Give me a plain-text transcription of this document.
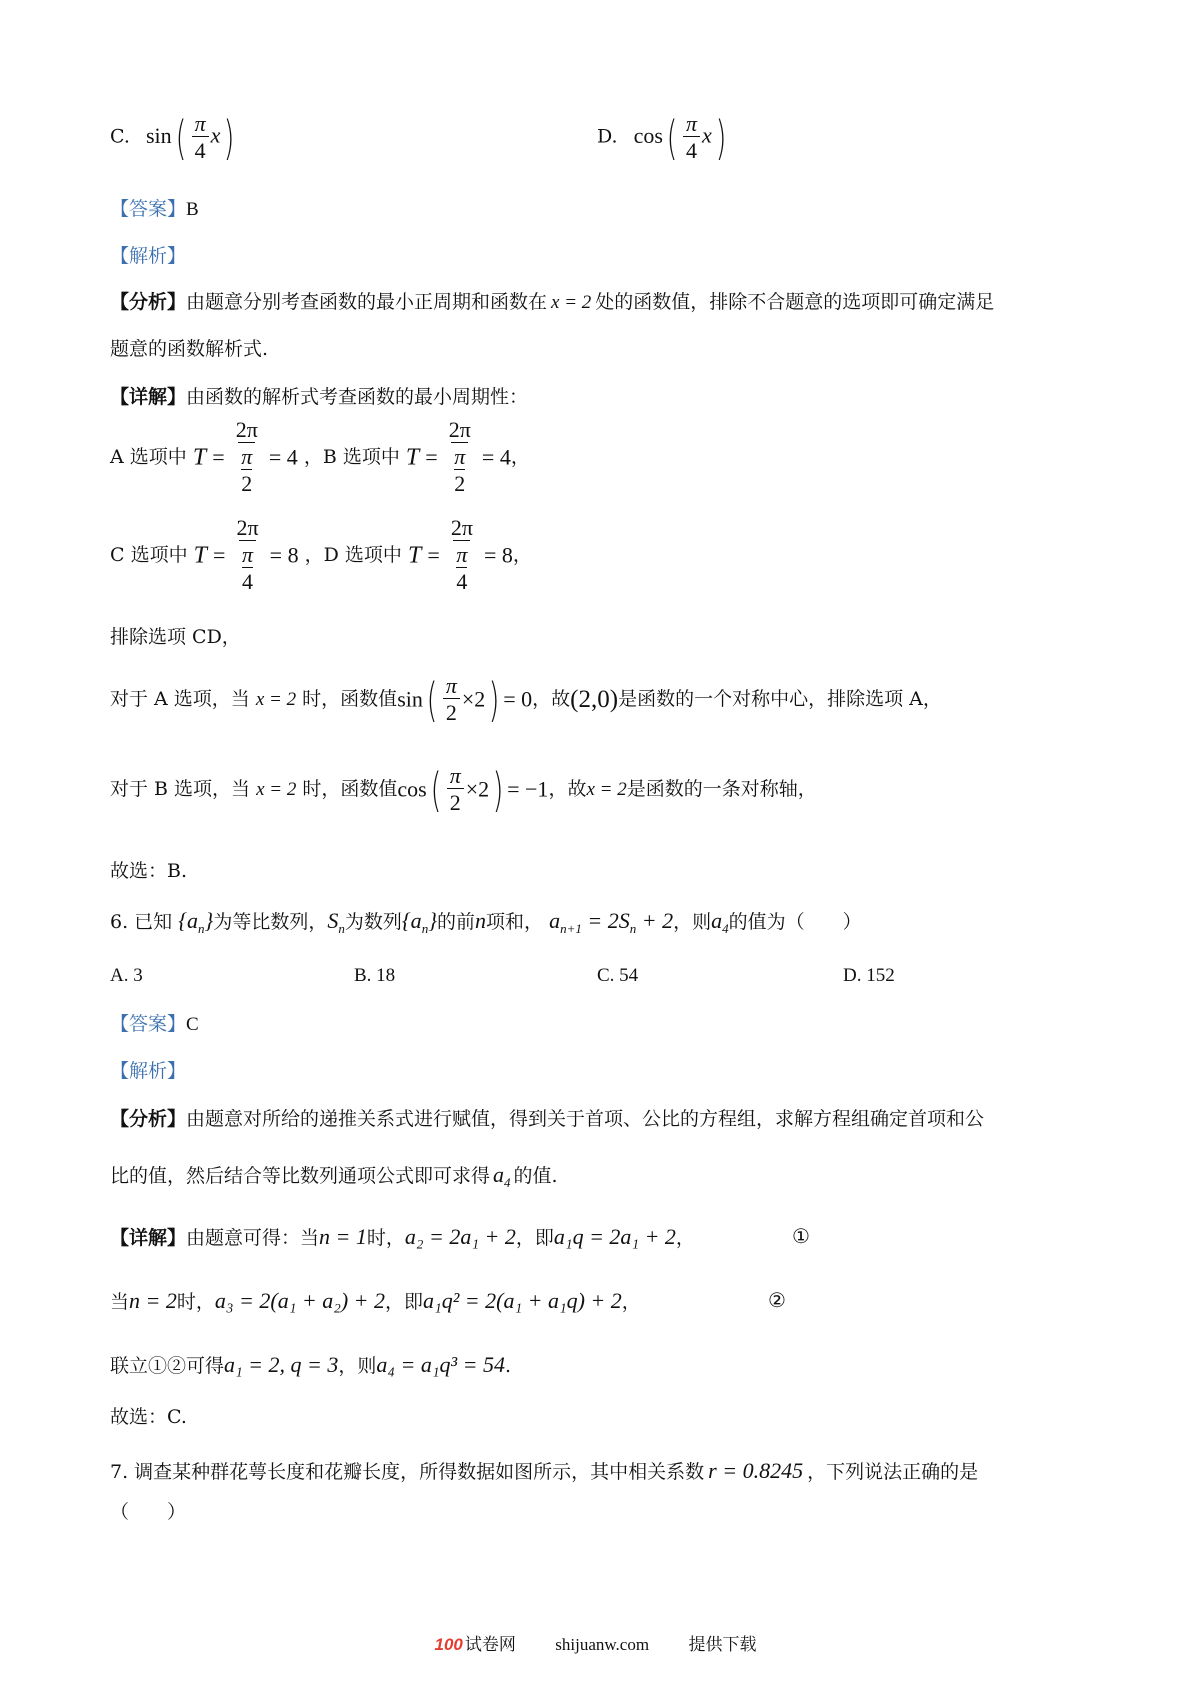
C. $\sin( \frac{\pi}{4} x)$	D. $\cos( \frac{\pi}{4} x)$
【答案】B
【解析】
【分析】由题意分别考查函数的最小正周期和函数在 x = 2 处的函数值，排除不合题意的选项即可确定满足
题意的函数解析式.
【详解】由函数的解析式考查函数的最小周期性：
A 选项中 $T = \frac{2\pi}{\frac{\pi}{2}} = 4$ ，B 选项中 $T = \frac{2\pi}{\frac{\pi}{2}} = 4$，
C 选项中 $T = \frac{2\pi}{\frac{\pi}{4}} = 8$ ，D 选项中 $T = \frac{2\pi}{\frac{\pi}{4}} = 8$，
排除选项 CD，
对于 A 选项，当 x = 2 时，函数值$\sin( \frac{\pi}{2} \times 2) = 0$，故(2,0)是函数的一个对称中心，排除选项 A，
对于 B 选项，当 x = 2 时，函数值$\cos( \frac{\pi}{2} \times 2) = -1$，故x = 2是函数的一条对称轴，
故选：B.
6. 已知 $\{a_n\}$为等比数列，$S_n$为数列$\{a_n\}$的前n项和， $a_{n+1} = 2S_n + 2$，则$a_4$的值为（　　）
A. 3	B. 18	C. 54	D. 152
【答案】C
【解析】
【分析】由题意对所给的递推关系式进行赋值，得到关于首项、公比的方程组，求解方程组确定首项和公
比的值，然后结合等比数列通项公式即可求得 $a_4$ 的值.
【详解】由题意可得：当n = 1时，a₂ = 2a₁ + 2，即a₁q = 2a₁ + 2，	①
当n = 2时，a₃ = 2(a₁ + a₂) + 2，即a₁q² = 2(a₁ + a₁q) + 2，	②
联立①②可得a₁ = 2, q = 3，则a₄ = a₁q³ = 54.
故选：C.
7. 调查某种群花萼长度和花瓣长度，所得数据如图所示，其中相关系数 r = 0.8245 ，下列说法正确的是
（　　）
100 试卷网 shijuanw.com 提供下载
